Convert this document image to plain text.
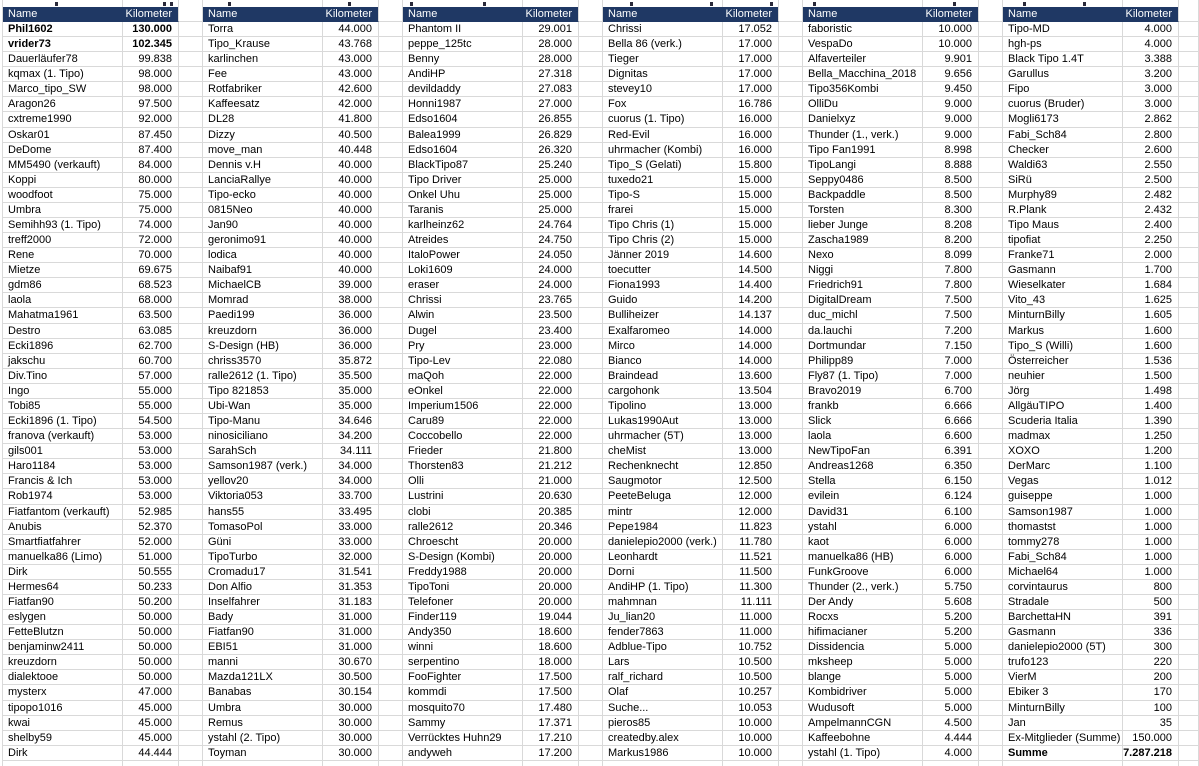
Name	Kilometer
Phil1602	130.000
vrider73	102.345
Dauerläufer78	99.838
kqmax (1. Tipo)	98.000
Marco_tipo_SW	98.000
Aragon26	97.500
cxtreme1990	92.000
Oskar01	87.450
DeDome	87.400
MM5490 (verkauft)	84.000
Koppi	80.000
woodfoot	75.000
Umbra	75.000
Semihh93 (1. Tipo)	74.000
treff2000	72.000
Rene	70.000
Mietze	69.675
gdm86	68.523
laola	68.000
Mahatma1961	63.500
Destro	63.085
Ecki1896	62.700
jakschu	60.700
Div.Tino	57.000
Ingo	55.000
Tobi85	55.000
Ecki1896 (1. Tipo)	54.500
franova (verkauft)	53.000
gils001	53.000
Haro1184	53.000
Francis & Ich	53.000
Rob1974	53.000
Fiatfantom (verkauft)	52.985
Anubis	52.370
Smartfiatfahrer	52.000
manuelka86 (Limo)	51.000
Dirk	50.555
Hermes64	50.233
Fiatfan90	50.200
eslygen	50.000
FetteBlutzn	50.000
benjaminw2411	50.000
kreuzdorn	50.000
dialektooe	50.000
mysterx	47.000
tipopo1016	45.000
kwai	45.000
shelby59	45.000
Dirk	44.444
Name	Kilometer
Torra	44.000
Tipo_Krause	43.768
karlinchen	43.000
Fee	43.000
Rotfabriker	42.600
Kaffeesatz	42.000
DL28	41.800
Dizzy	40.500
move_man	40.448
Dennis v.H	40.000
LanciaRallye	40.000
Tipo-ecko	40.000
0815Neo	40.000
Jan90	40.000
geronimo91	40.000
lodica	40.000
Naibaf91	40.000
MichaelCB	39.000
Momrad	38.000
Paedi199	36.000
kreuzdorn	36.000
S-Design (HB)	36.000
chriss3570	35.872
ralle2612 (1. Tipo)	35.500
Tipo 821853	35.000
Ubi-Wan	35.000
Tipo-Manu	34.646
ninosiciliano	34.200
SarahSch	34.111
Samson1987 (verk.)	34.000
yellov20	34.000
Viktoria053	33.700
hans55	33.495
TomasoPol	33.000
Güni	33.000
TipoTurbo	32.000
Cromadu17	31.541
Don Alfio	31.353
Inselfahrer	31.183
Bady	31.000
Fiatfan90	31.000
EBI51	31.000
manni	30.670
Mazda121LX	30.500
Banabas	30.154
Umbra	30.000
Remus	30.000
ystahl (2. Tipo)	30.000
Toyman	30.000
Name	Kilometer
Phantom II	29.001
peppe_125tc	28.000
Benny	28.000
AndiHP	27.318
devildaddy	27.083
Honni1987	27.000
Edso1604	26.855
Balea1999	26.829
Edso1604	26.320
BlackTipo87	25.240
Tipo Driver	25.000
Onkel Uhu	25.000
Taranis	25.000
karlheinz62	24.764
Atreides	24.750
ItaloPower	24.050
Loki1609	24.000
eraser	24.000
Chrissi	23.765
Alwin	23.500
Dugel	23.400
Pry	23.000
Tipo-Lev	22.080
maQoh	22.000
eOnkel	22.000
Imperium1506	22.000
Caru89	22.000
Coccobello	22.000
Frieder	21.800
Thorsten83	21.212
Olli	21.000
Lustrini	20.630
clobi	20.385
ralle2612	20.346
Chroescht	20.000
S-Design (Kombi)	20.000
Freddy1988	20.000
TipoToni	20.000
Telefoner	20.000
Finder119	19.044
Andy350	18.600
winni	18.600
serpentino	18.000
FooFighter	17.500
kommdi	17.500
mosquito70	17.480
Sammy	17.371
Verrücktes Huhn29	17.210
andyweh	17.200
Name	Kilometer
Chrissi	17.052
Bella 86 (verk.)	17.000
Tieger	17.000
Dignitas	17.000
stevey10	17.000
Fox	16.786
cuorus (1. Tipo)	16.000
Red-Evil	16.000
uhrmacher (Kombi)	16.000
Tipo_S (Gelati)	15.800
tuxedo21	15.000
Tipo-S	15.000
frarei	15.000
Tipo Chris (1)	15.000
Tipo Chris (2)	15.000
Jänner 2019	14.600
toecutter	14.500
Fiona1993	14.400
Guido	14.200
Bulliheizer	14.137
Exalfaromeo	14.000
Mirco	14.000
Bianco	14.000
Braindead	13.600
cargohonk	13.504
Tipolino	13.000
Lukas1990Aut	13.000
uhrmacher (5T)	13.000
cheMist	13.000
Rechenknecht	12.850
Saugmotor	12.500
PeeteBeluga	12.000
mintr	12.000
Pepe1984	11.823
danielepio2000 (verk.)	11.780
Leonhardt	11.521
Dorni	11.500
AndiHP (1. Tipo)	11.300
mahmnan	11.111
Ju_lian20	11.000
fender7863	11.000
Adblue-Tipo	10.752
Lars	10.500
ralf_richard	10.500
Olaf	10.257
Suche...	10.053
pieros85	10.000
createdby.alex	10.000
Markus1986	10.000
Name	Kilometer
faboristic	10.000
VespaDo	10.000
Alfaverteiler	9.901
Bella_Macchina_2018	9.656
Tipo356Kombi	9.450
OlliDu	9.000
Danielxyz	9.000
Thunder (1., verk.)	9.000
Tipo Fan1991	8.998
TipoLangi	8.888
Seppy0486	8.500
Backpaddle	8.500
Torsten	8.300
lieber Junge	8.208
Zascha1989	8.200
Nexo	8.099
Niggi	7.800
Friedrich91	7.800
DigitalDream	7.500
duc_michl	7.500
da.lauchi	7.200
Dortmundar	7.150
Philipp89	7.000
Fly87 (1. Tipo)	7.000
Bravo2019	6.700
frankb	6.666
Slick	6.666
laola	6.600
NewTipoFan	6.391
Andreas1268	6.350
Stella	6.150
evilein	6.124
David31	6.100
ystahl	6.000
kaot	6.000
manuelka86 (HB)	6.000
FunkGroove	6.000
Thunder (2., verk.)	5.750
Der Andy	5.608
Rocxs	5.200
hifimacianer	5.200
Dissidencia	5.000
mksheep	5.000
blange	5.000
Kombidriver	5.000
Wudusoft	5.000
AmpelmannCGN	4.500
Kaffeebohne	4.444
ystahl (1. Tipo)	4.000
Name	Kilometer
Tipo-MD	4.000
hgh-ps	4.000
Black Tipo 1.4T	3.388
Garullus	3.200
Fipo	3.000
cuorus (Bruder)	3.000
Mogli6173	2.862
Fabi_Sch84	2.800
Checker	2.600
Waldi63	2.550
SiRü	2.500
Murphy89	2.482
R.Plank	2.432
Tipo Maus	2.400
tipofiat	2.250
Franke71	2.000
Gasmann	1.700
Wieselkater	1.684
Vito_43	1.625
MinturnBilly	1.605
Markus	1.600
Tipo_S (Willi)	1.600
Österreicher	1.536
neuhier	1.500
Jörg	1.498
AllgäuTIPO	1.400
Scuderia Italia	1.390
madmax	1.250
XOXO	1.200
DerMarc	1.100
Vegas	1.012
guiseppe	1.000
Samson1987	1.000
thomastst	1.000
tommy278	1.000
Fabi_Sch84	1.000
Michael64	1.000
corvintaurus	800
Stradale	500
BarchettaHN	391
Gasmann	336
danielepio2000 (5T)	300
trufo123	220
VierM	200
Ebiker 3	170
MinturnBilly	100
Jan	35
Ex-Mitglieder (Summe)	150.000
Summe	7.287.218
